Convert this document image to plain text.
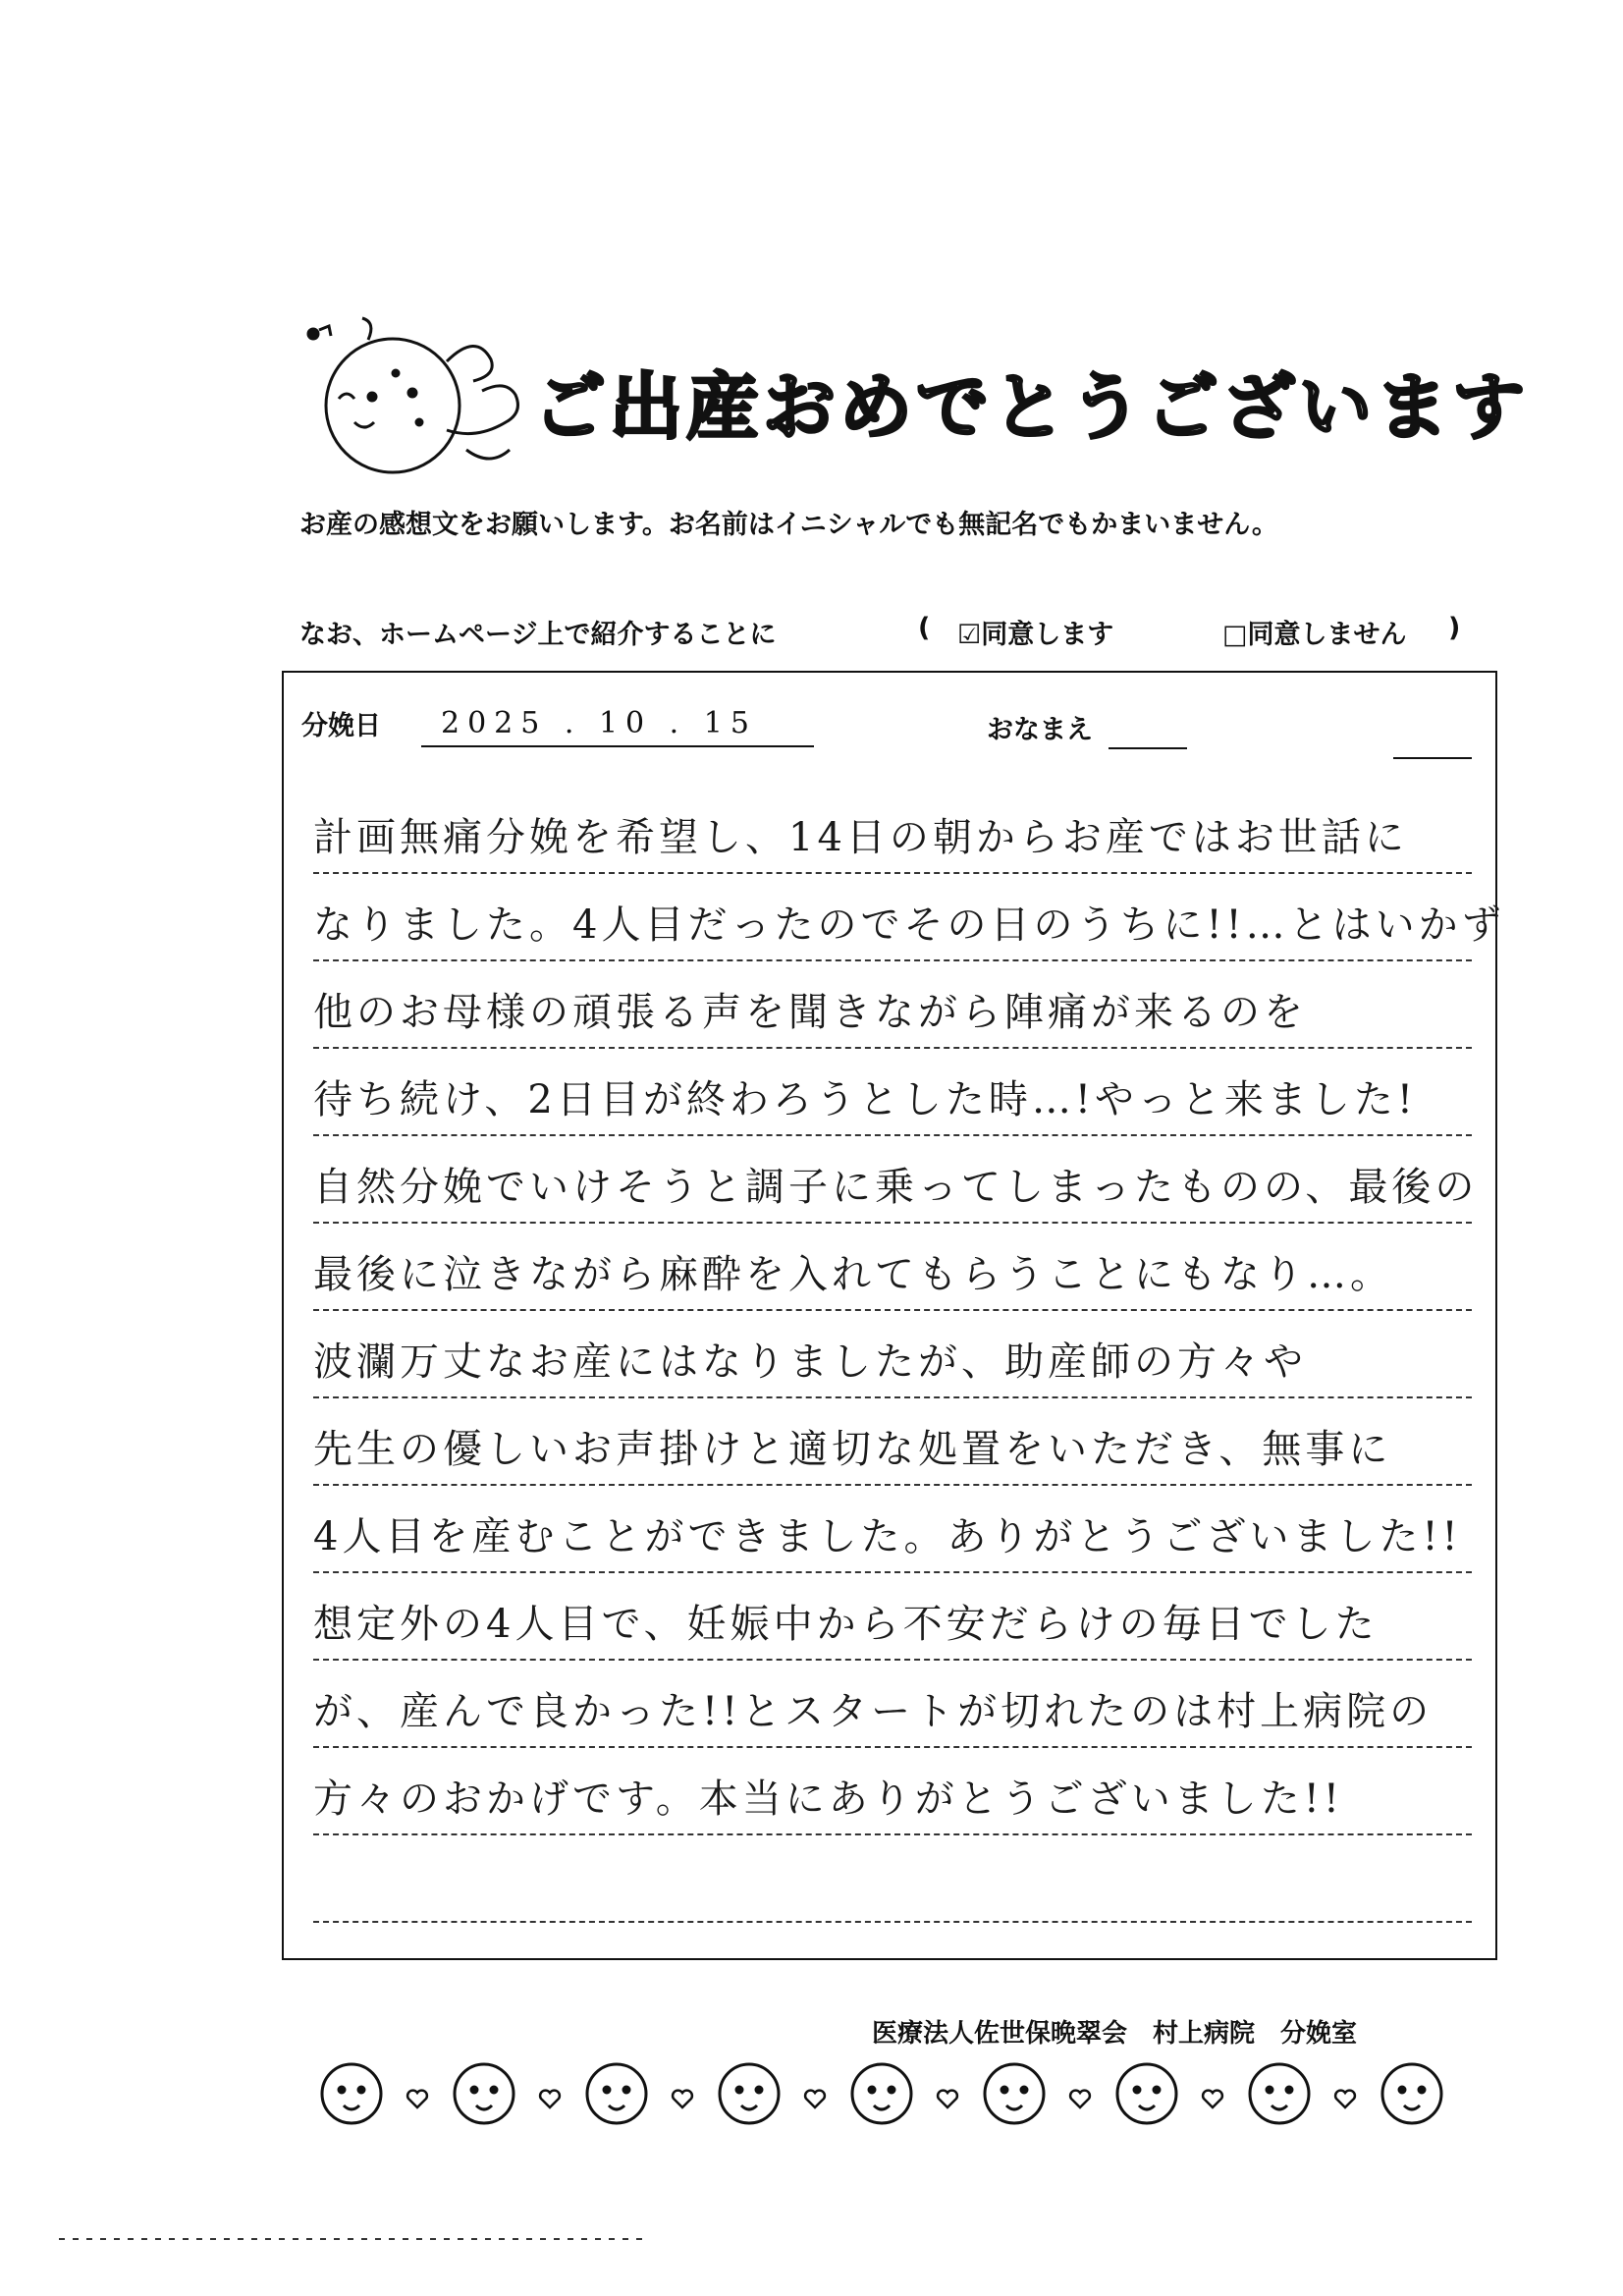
ご出産おめでとうございます
お産の感想文をお願いします。お名前はイニシャルでも無記名でもかまいません。
なお、ホームページ上で紹介することに	( ☑同意します	□同意しません )
分娩日 2025 . 10 . 15	おなまえ
計画無痛分娩を希望し、14日の朝からお産ではお世話に
なりました。4人目だったのでその日のうちに!!…とはいかず
他のお母様の頑張る声を聞きながら陣痛が来るのを
待ち続け、2日目が終わろうとした時…!やっと来ました!
自然分娩でいけそうと調子に乗ってしまったものの、最後の
最後に泣きながら麻酔を入れてもらうことにもなり…。
波瀾万丈なお産にはなりましたが、助産師の方々や
先生の優しいお声掛けと適切な処置をいただき、無事に
4人目を産むことができました。ありがとうございました!!
想定外の4人目で、妊娠中から不安だらけの毎日でした
が、産んで良かった!!とスタートが切れたのは村上病院の
方々のおかげです。本当にありがとうございました!!
医療法人佐世保晩翠会　村上病院　分娩室
